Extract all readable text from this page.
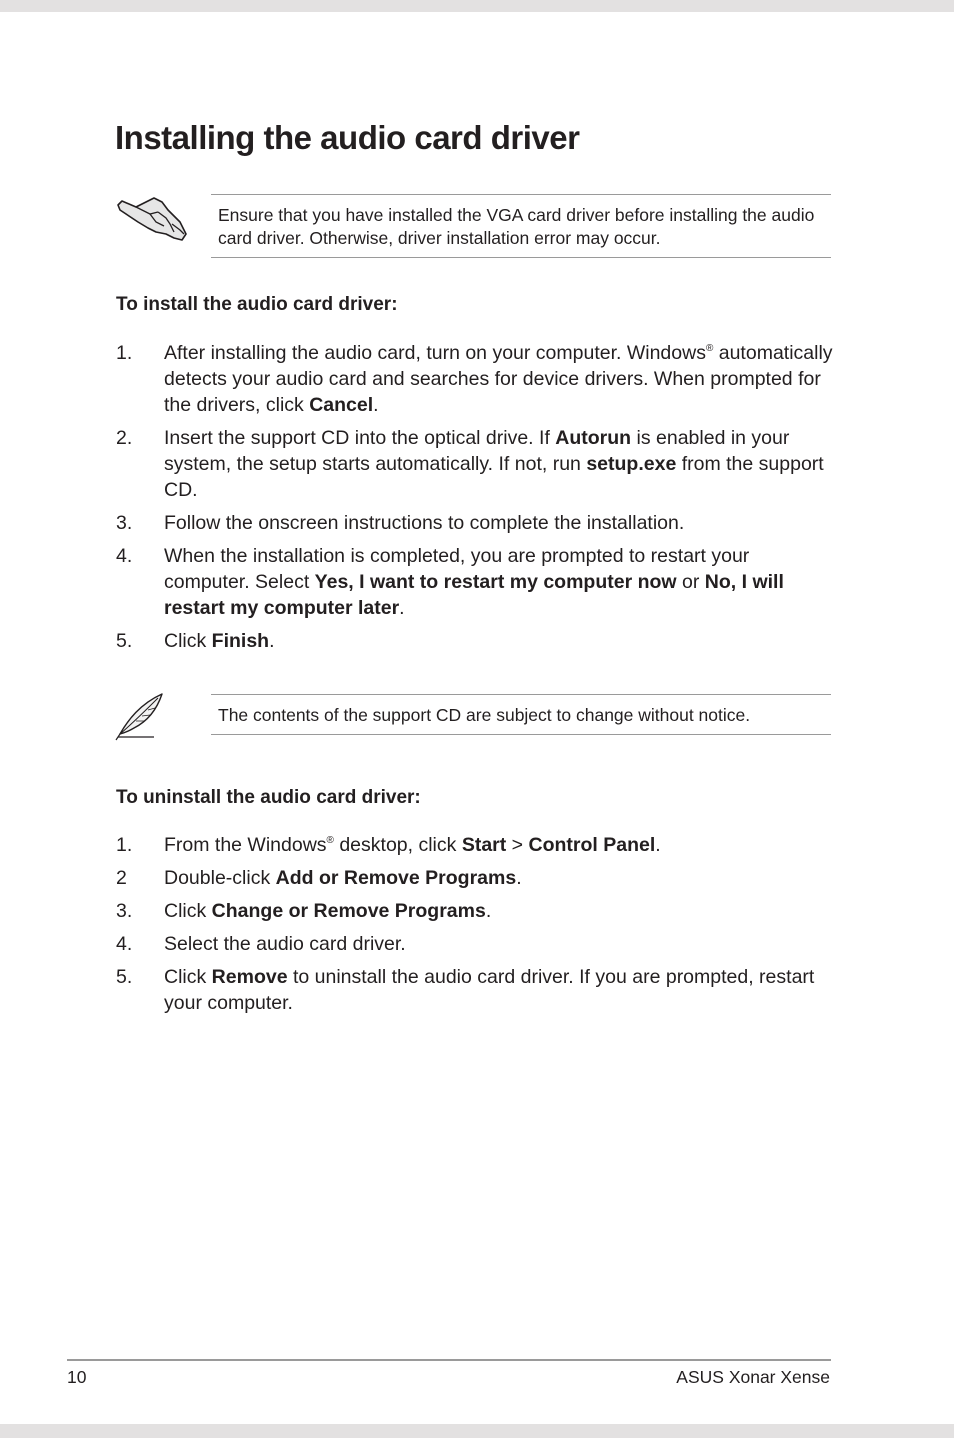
Installing the audio card driver
Ensure that you have installed the VGA card driver before installing the audio card driver. Otherwise, driver installation error may occur.
To install the audio card driver:
1. After installing the audio card, turn on your computer. Windows® automatically detects your audio card and searches for device drivers. When prompted for the drivers, click Cancel.
2. Insert the support CD into the optical drive. If Autorun is enabled in your system, the setup starts automatically. If not, run setup.exe from the support CD.
3. Follow the onscreen instructions to complete the installation.
4. When the installation is completed, you are prompted to restart your computer. Select Yes, I want to restart my computer now or No, I will restart my computer later.
5. Click Finish.
The contents of the support CD are subject to change without notice.
To uninstall the audio card driver:
1. From the Windows® desktop, click Start > Control Panel.
2 Double-click Add or Remove Programs.
3. Click Change or Remove Programs.
4. Select the audio card driver.
5. Click Remove to uninstall the audio card driver. If you are prompted, restart your computer.
10	ASUS Xonar Xense
